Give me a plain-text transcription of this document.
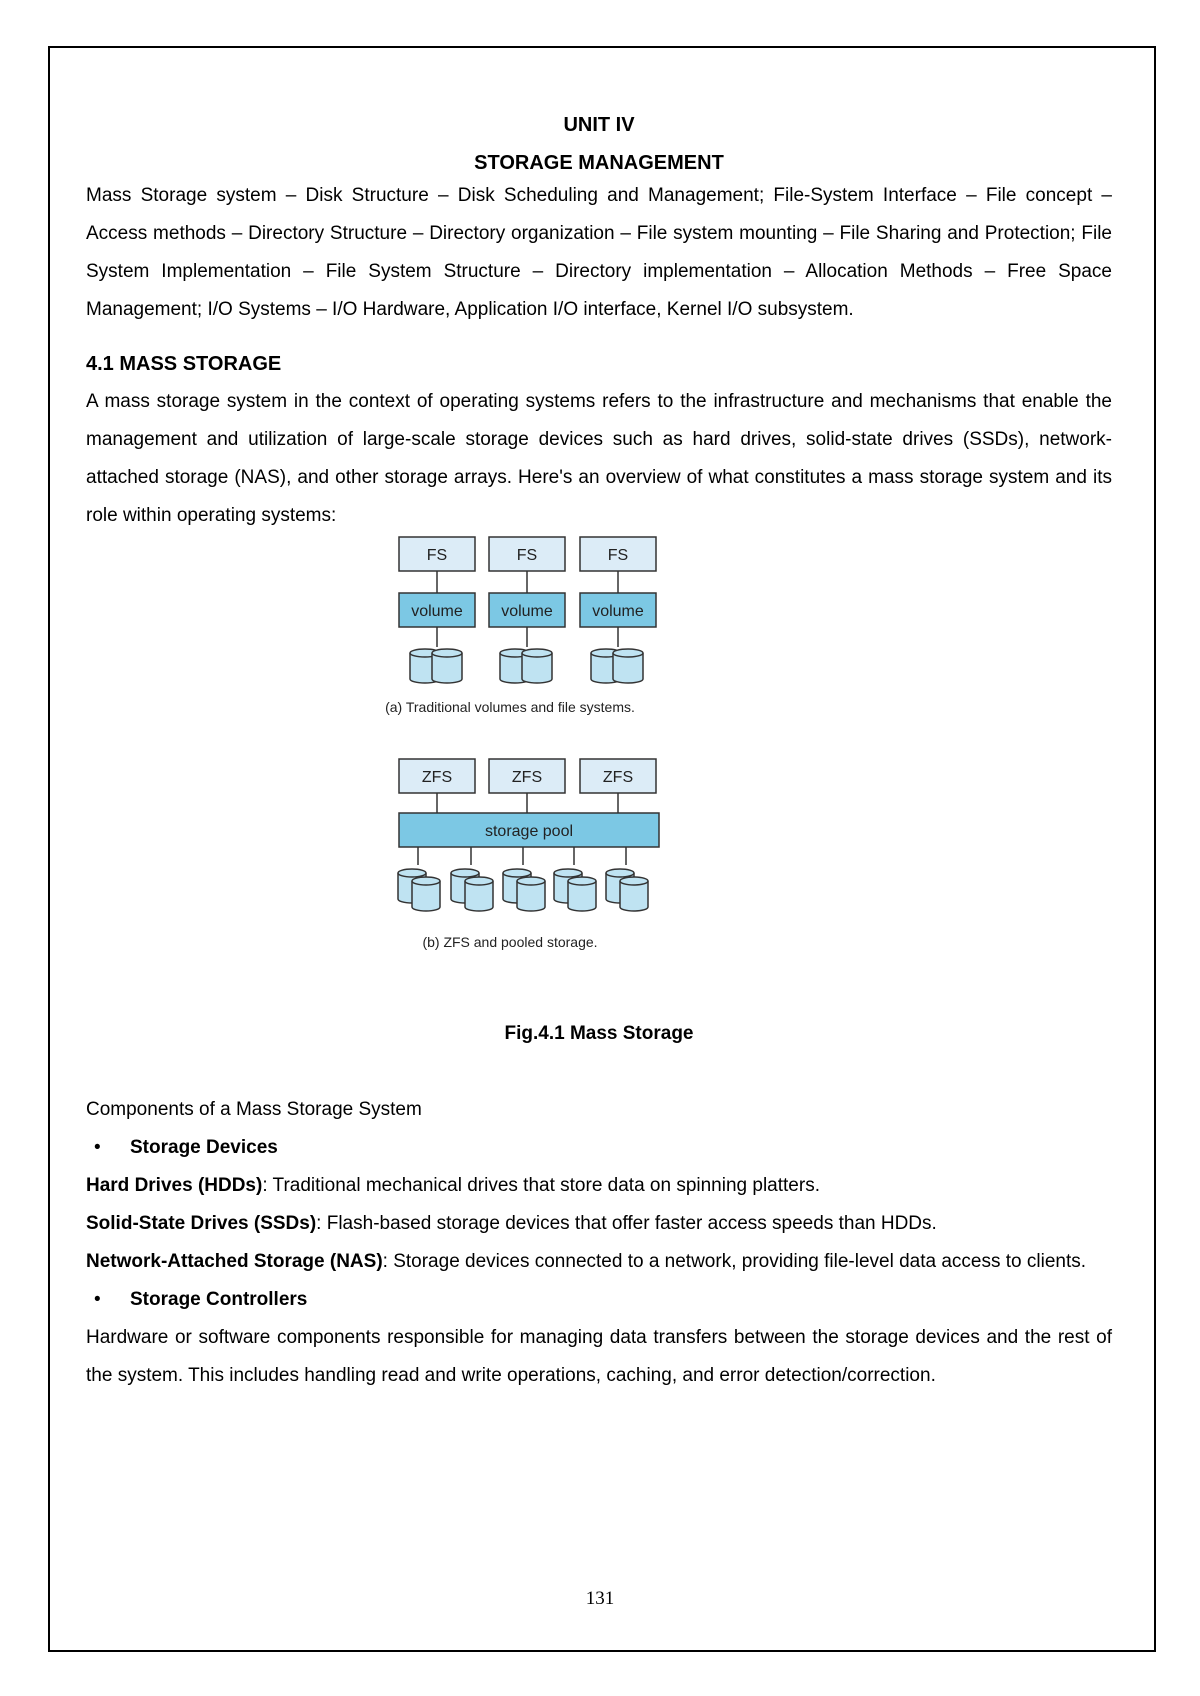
UNIT IV
STORAGE MANAGEMENT

Mass Storage system – Disk Structure – Disk Scheduling and Management; File-System Interface – File concept – Access methods – Directory Structure – Directory organization – File system mounting – File Sharing and Protection; File System Implementation – File System Structure – Directory implementation – Allocation Methods – Free Space Management; I/O Systems – I/O Hardware, Application I/O interface, Kernel I/O subsystem.

4.1 MASS STORAGE

A mass storage system in the context of operating systems refers to the infrastructure and mechanisms that enable the management and utilization of large-scale storage devices such as hard drives, solid-state drives (SSDs), network-attached storage (NAS), and other storage arrays. Here's an overview of what constitutes a mass storage system and its role within operating systems:

FS
volume
FS
volume
FS
volume
ZFS	ZFS	ZFS
storage pool
(a) Traditional volumes and file systems.
(b) ZFS and pooled storage.
Fig.4.1 Mass Storage

Components of a Mass Storage System

• Storage Devices

Hard Drives (HDDs): Traditional mechanical drives that store data on spinning platters.

Solid-State Drives (SSDs): Flash-based storage devices that offer faster access speeds than HDDs.

Network-Attached Storage (NAS): Storage devices connected to a network, providing file-level data access to clients.

• Storage Controllers

Hardware or software components responsible for managing data transfers between the storage devices and the rest of the system. This includes handling read and write operations, caching, and error detection/correction.

131
